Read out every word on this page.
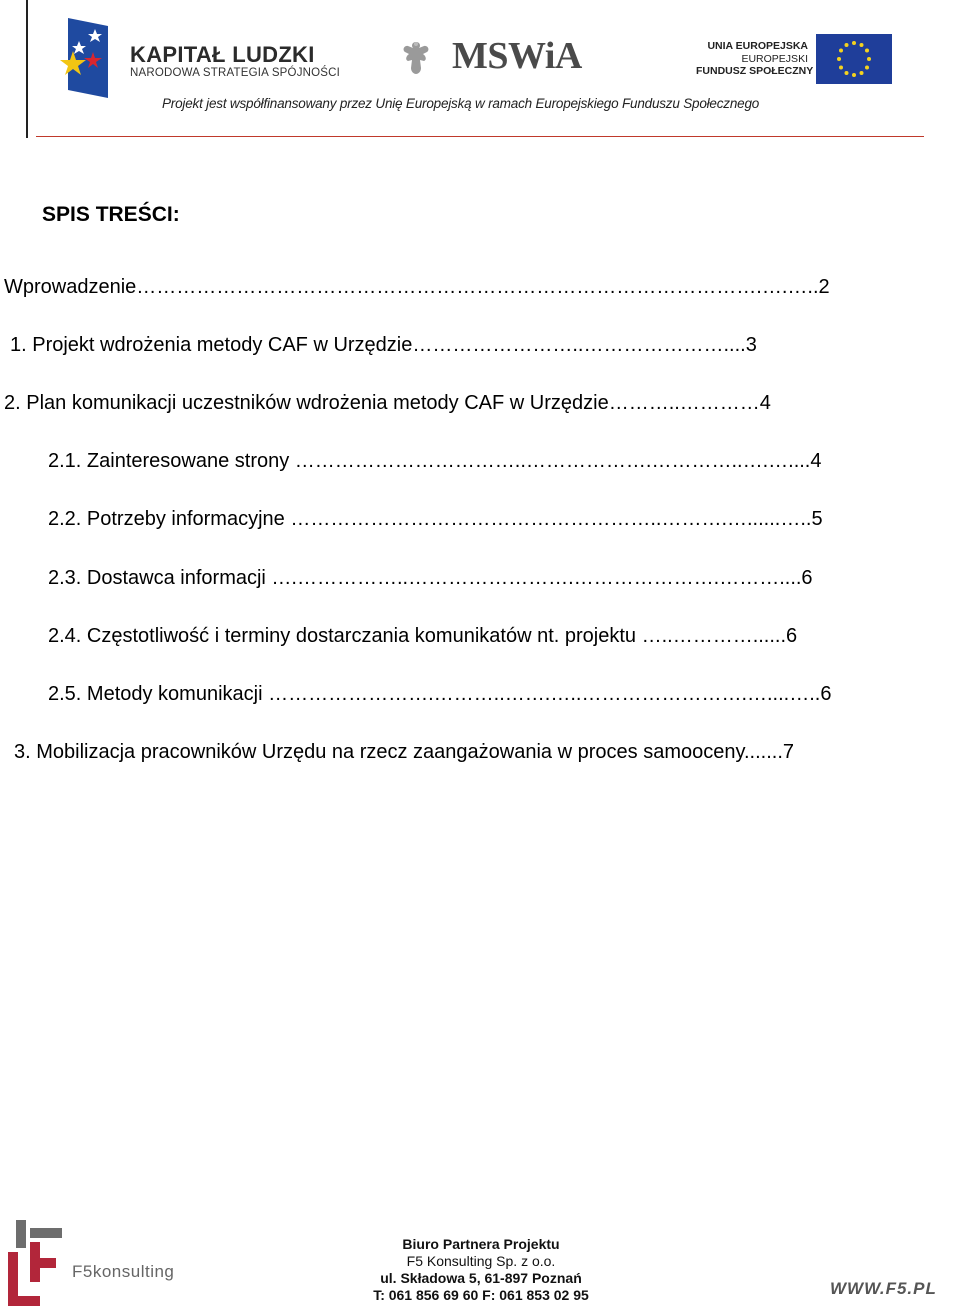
KAPITAŁ LUDZKI
NARODOWA STRATEGIA SPÓJNOŚCI	MSWiA	UNIA EUROPEJSKA
EUROPEJSKI
FUNDUSZ SPOŁECZNY
Projekt jest współfinansowany przez Unię Europejską w ramach Europejskiego Funduszu Społecznego
SPIS TREŚCI:
Wprowadzenie………………………………………………………………………………….….…..2
1. Projekt wdrożenia metody CAF w Urzędzie……………………..…………………....3
2. Plan komunikacji uczestników wdrożenia metody CAF w Urzędzie………..…………4
2.1. Zainteresowane strony ……………………………..……………….…………..….…....4
2.2. Potrzeby informacyjne ………………………………………………..……….…......…..5
2.3. Dostawca informacji ….……………..…………………….………………….………....6
2.4. Częstotliwość i terminy dostarczania komunikatów nt. projektu …..…………......6
2.5. Metody komunikacji …………………….………..…….…..…………………….…....…..6
3. Mobilizacja pracowników Urzędu na rzecz zaangażowania w proces samooceny.......7
F5konsulting
Biuro Partnera Projektu
F5 Konsulting Sp. z o.o.
ul. Składowa 5, 61-897 Poznań
T: 061 856 69 60 F: 061 853 02 95	WWW.F5.PL
